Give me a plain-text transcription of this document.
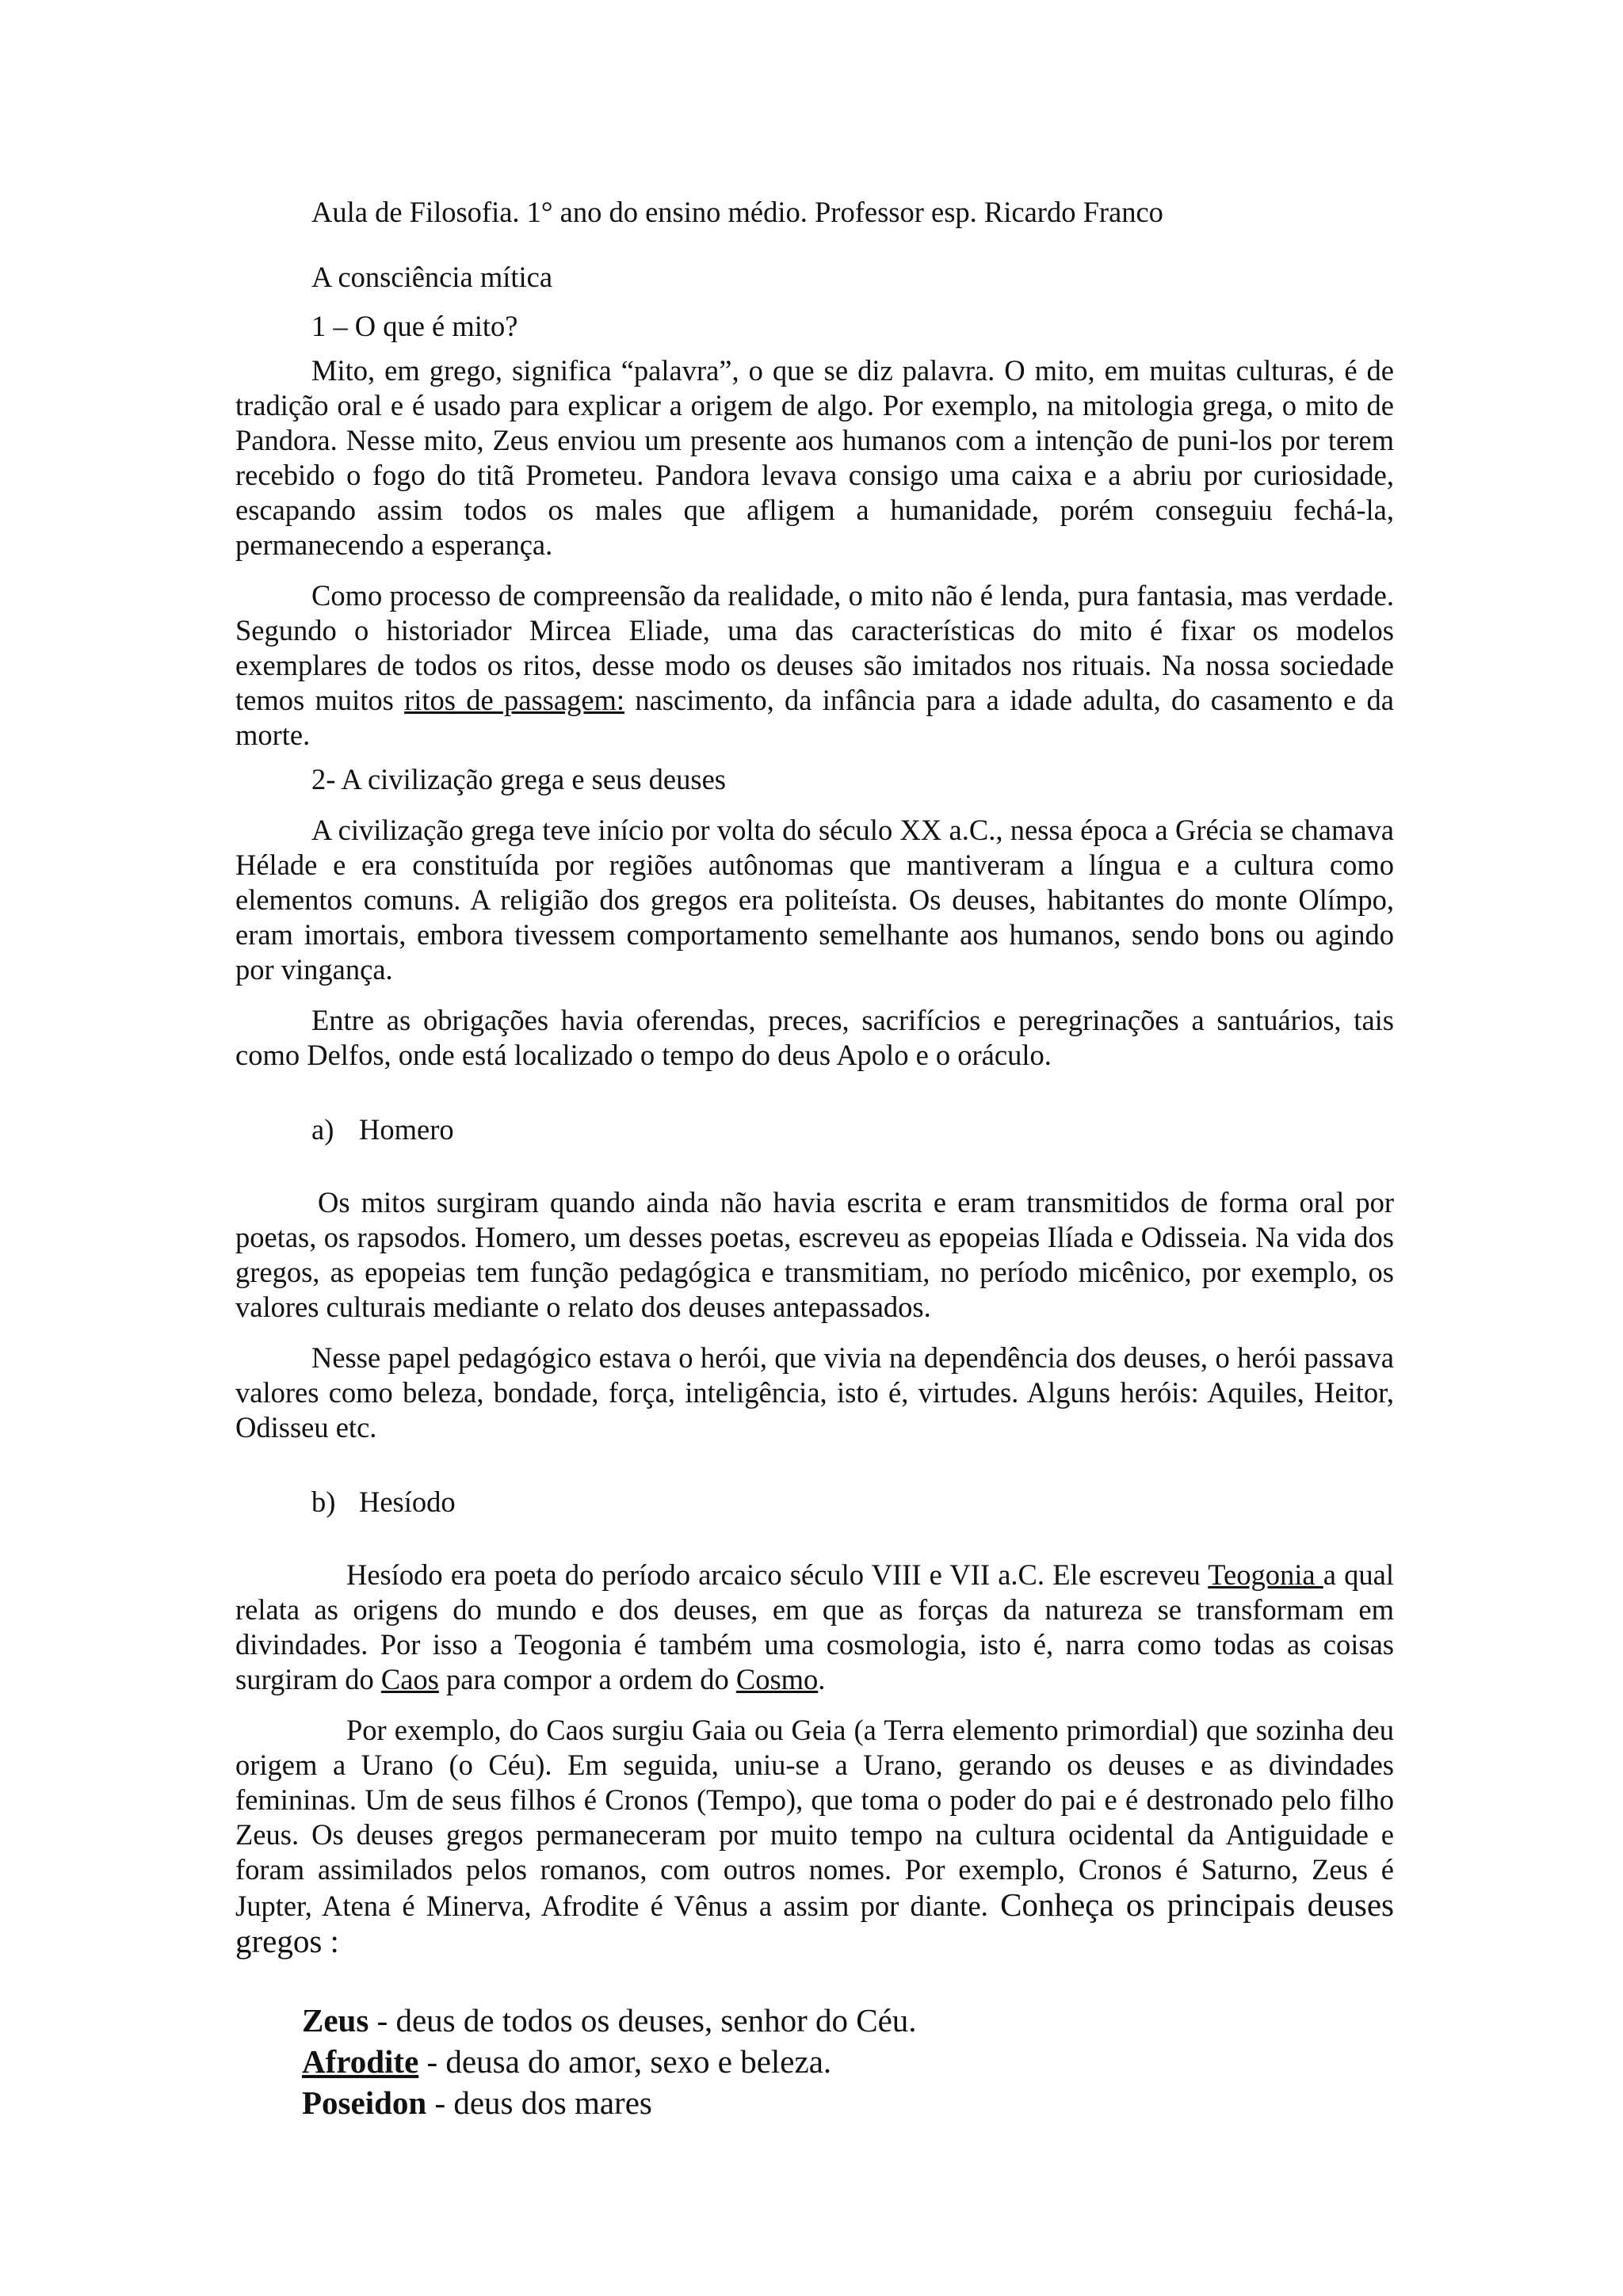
Aula de Filosofia. 1° ano do ensino médio. Professor esp. Ricardo Franco

A consciência mítica

1 – O que é mito?

Mito, em grego, significa “palavra”, o que se diz palavra. O mito, em muitas culturas, é de tradição oral e é usado para explicar a origem de algo. Por exemplo, na mitologia grega, o mito de Pandora. Nesse mito, Zeus enviou um presente aos humanos com a intenção de puni-los por terem recebido o fogo do titã Prometeu. Pandora levava consigo uma caixa e a abriu por curiosidade, escapando assim todos os males que afligem a humanidade, porém conseguiu fechá-la, permanecendo a esperança.

Como processo de compreensão da realidade, o mito não é lenda, pura fantasia, mas verdade. Segundo o historiador Mircea Eliade, uma das características do mito é fixar os modelos exemplares de todos os ritos, desse modo os deuses são imitados nos rituais. Na nossa sociedade temos muitos ritos de passagem: nascimento, da infância para a idade adulta, do casamento e da morte.

2- A civilização grega e seus deuses

A civilização grega teve início por volta do século XX a.C., nessa época a Grécia se chamava Hélade e era constituída por regiões autônomas que mantiveram a língua e a cultura como elementos comuns. A religião dos gregos era politeísta. Os deuses, habitantes do monte Olímpo, eram imortais, embora tivessem comportamento semelhante aos humanos, sendo bons ou agindo por vingança.

Entre as obrigações havia oferendas, preces, sacrifícios e peregrinações a santuários, tais como Delfos, onde está localizado o tempo do deus Apolo e o oráculo.

a) Homero

Os mitos surgiram quando ainda não havia escrita e eram transmitidos de forma oral por poetas, os rapsodos. Homero, um desses poetas, escreveu as epopeias Ilíada e Odisseia. Na vida dos gregos, as epopeias tem função pedagógica e transmitiam, no período micênico, por exemplo, os valores culturais mediante o relato dos deuses antepassados.

Nesse papel pedagógico estava o herói, que vivia na dependência dos deuses, o herói passava valores como beleza, bondade, força, inteligência, isto é, virtudes. Alguns heróis: Aquiles, Heitor, Odisseu etc.

b) Hesíodo

Hesíodo era poeta do período arcaico século VIII e VII a.C. Ele escreveu Teogonia a qual relata as origens do mundo e dos deuses, em que as forças da natureza se transformam em divindades. Por isso a Teogonia é também uma cosmologia, isto é, narra como todas as coisas surgiram do Caos para compor a ordem do Cosmo.

Por exemplo, do Caos surgiu Gaia ou Geia (a Terra elemento primordial) que sozinha deu origem a Urano (o Céu). Em seguida, uniu-se a Urano, gerando os deuses e as divindades femininas. Um de seus filhos é Cronos (Tempo), que toma o poder do pai e é destronado pelo filho Zeus. Os deuses gregos permaneceram por muito tempo na cultura ocidental da Antiguidade e foram assimilados pelos romanos, com outros nomes. Por exemplo, Cronos é Saturno, Zeus é Jupter, Atena é Minerva, Afrodite é Vênus a assim por diante. Conheça os principais deuses gregos :

Zeus - deus de todos os deuses, senhor do Céu.
Afrodite - deusa do amor, sexo e beleza.
Poseidon - deus dos mares
